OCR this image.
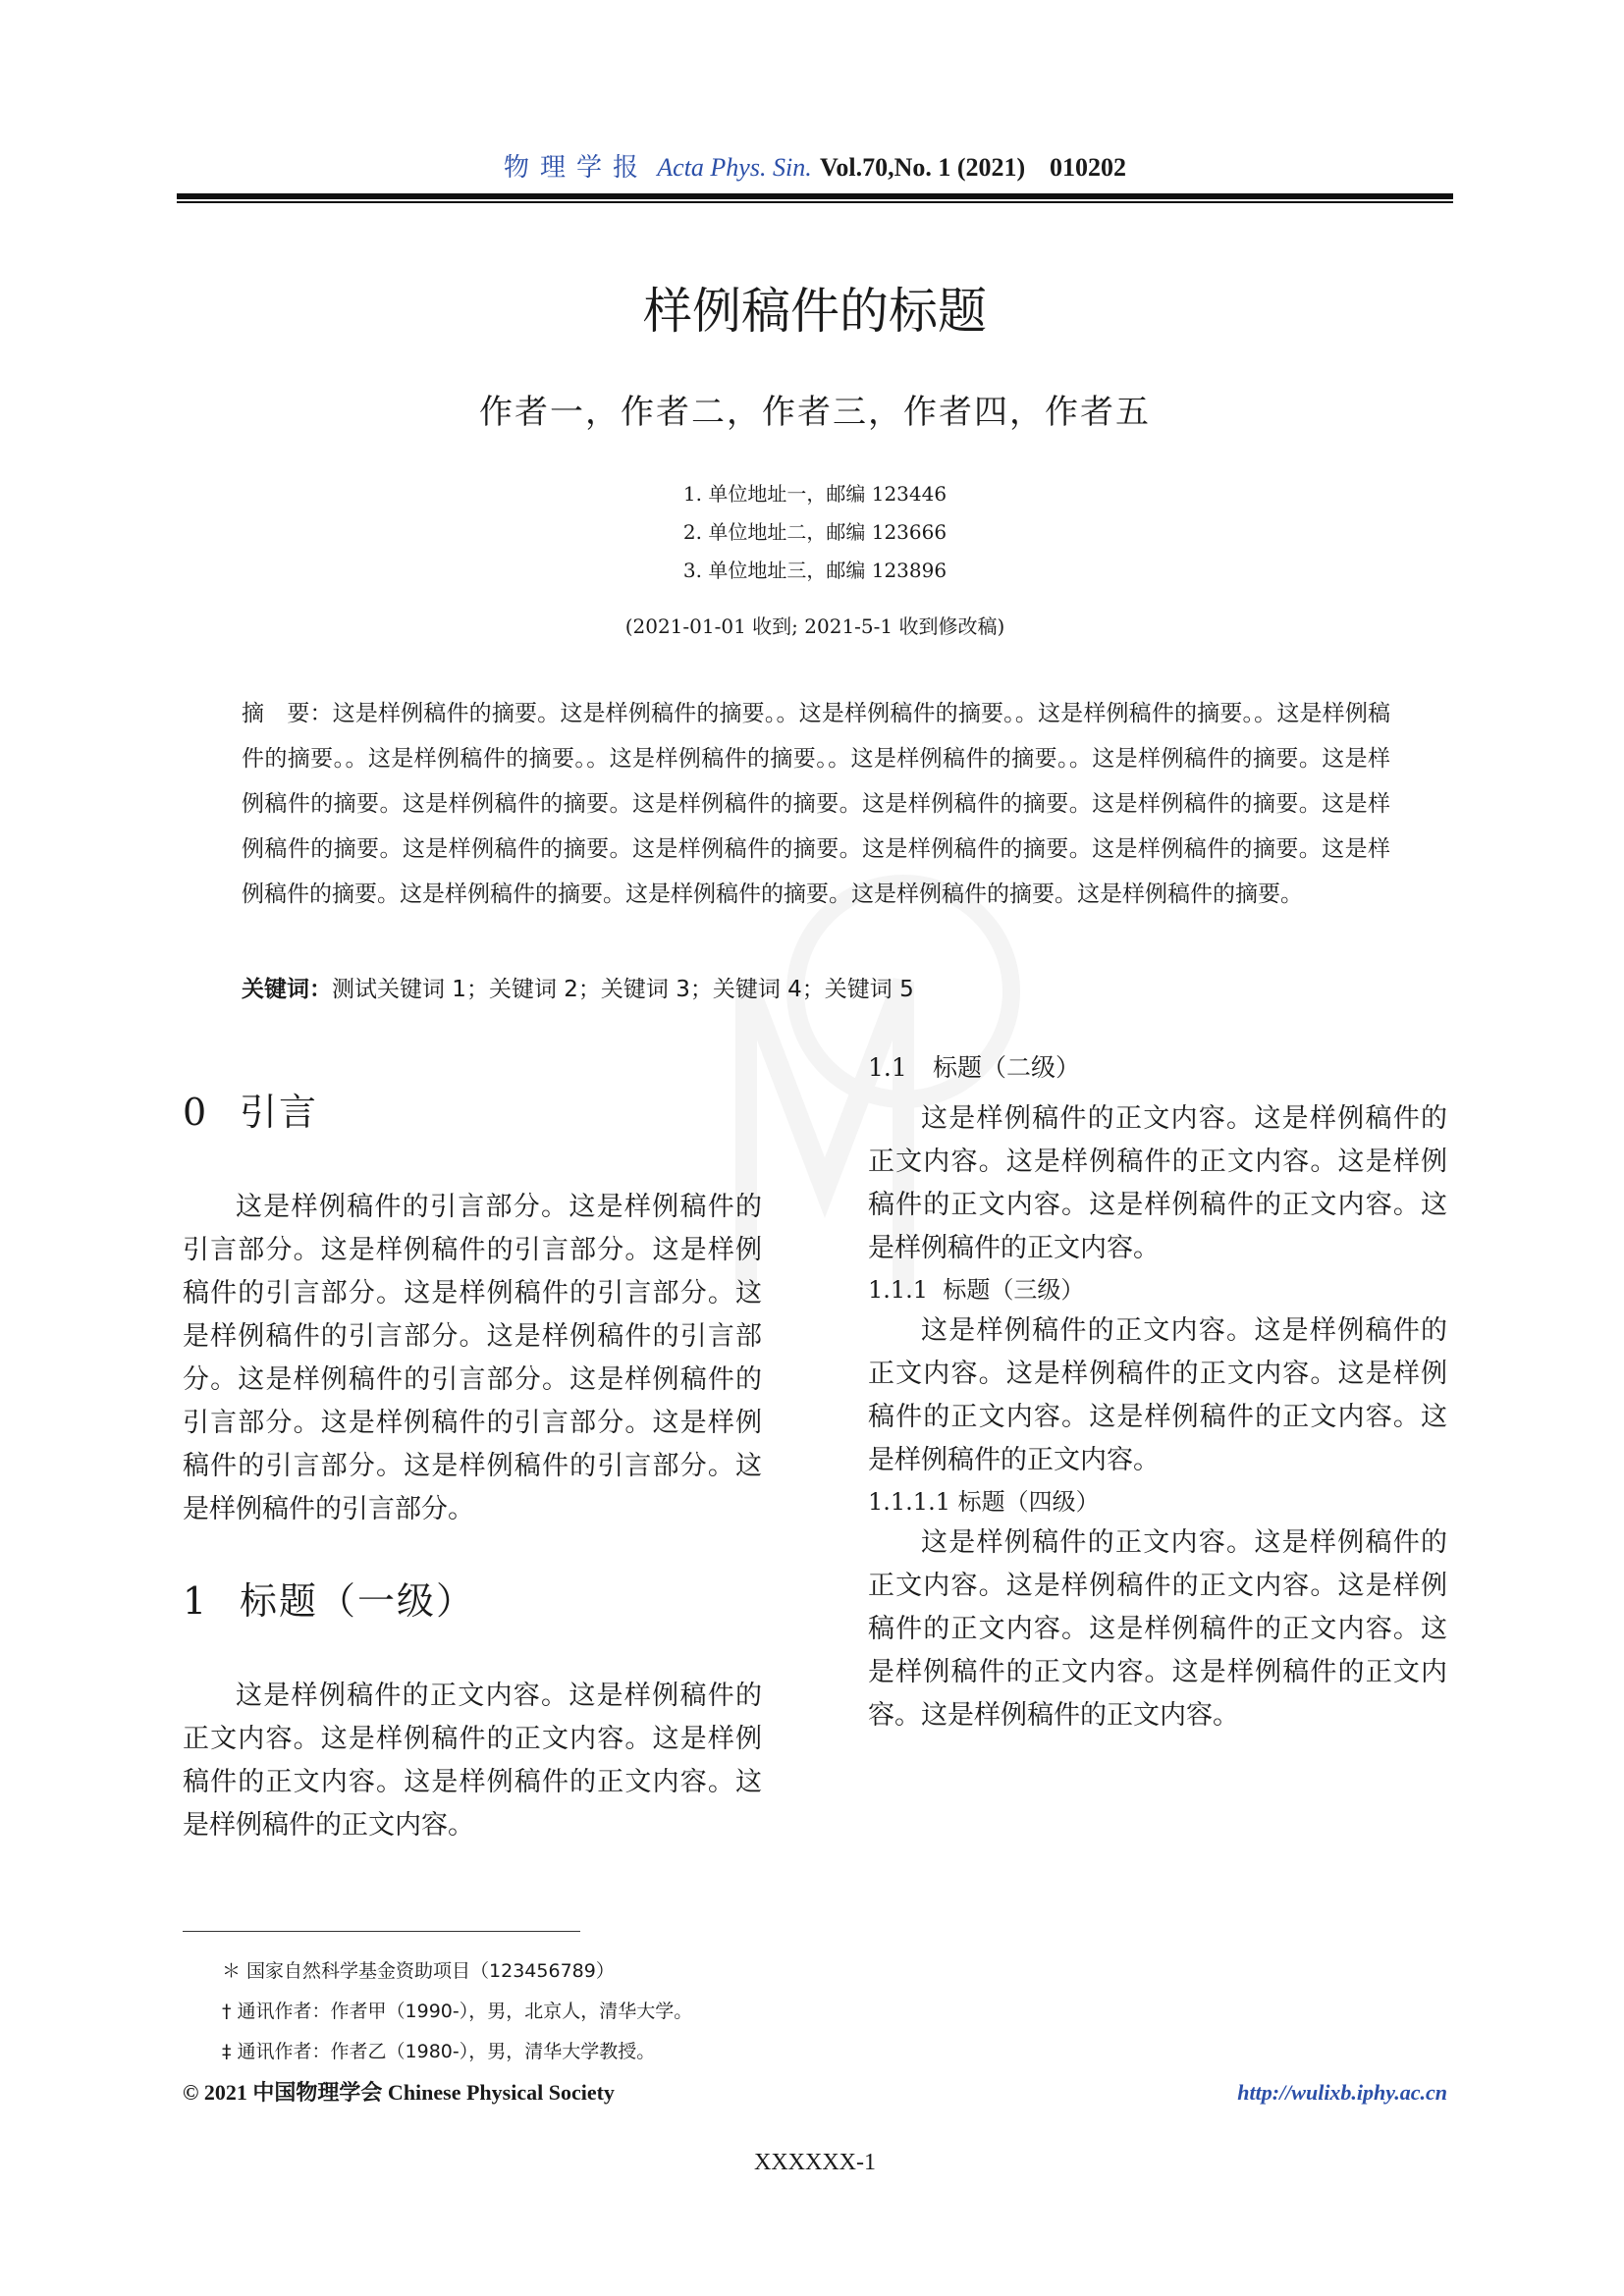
物理学报 Acta Phys. Sin. Vol.70,No. 1 (2021) 010202
样例稿件的标题
作者一，作者二，作者三，作者四，作者五
1. 单位地址一，邮编 123446
2. 单位地址二，邮编 123666
3. 单位地址三，邮编 123896
(2021-01-01 收到; 2021-5-1 收到修改稿)
摘　要：这是样例稿件的摘要。这是样例稿件的摘要。。这是样例稿件的摘要。。这是样例稿件的摘要。。这是样例稿件的摘要。。这是样例稿件的摘要。。这是样例稿件的摘要。。这是样例稿件的摘要。。这是样例稿件的摘要。这是样例稿件的摘要。这是样例稿件的摘要。这是样例稿件的摘要。这是样例稿件的摘要。这是样例稿件的摘要。这是样例稿件的摘要。这是样例稿件的摘要。这是样例稿件的摘要。这是样例稿件的摘要。这是样例稿件的摘要。这是样例稿件的摘要。这是样例稿件的摘要。这是样例稿件的摘要。这是样例稿件的摘要。这是样例稿件的摘要。
关键词：测试关键词 1；关键词 2；关键词 3；关键词 4；关键词 5
0 引言

这是样例稿件的引言部分。这是样例稿件的引言部分。这是样例稿件的引言部分。这是样例稿件的引言部分。这是样例稿件的引言部分。这是样例稿件的引言部分。这是样例稿件的引言部分。这是样例稿件的引言部分。这是样例稿件的引言部分。这是样例稿件的引言部分。这是样例稿件的引言部分。这是样例稿件的引言部分。这是样例稿件的引言部分。

1 标题（一级）

这是样例稿件的正文内容。这是样例稿件的正文内容。这是样例稿件的正文内容。这是样例稿件的正文内容。这是样例稿件的正文内容。这是样例稿件的正文内容。

1.1 标题（二级）

这是样例稿件的正文内容。这是样例稿件的正文内容。这是样例稿件的正文内容。这是样例稿件的正文内容。这是样例稿件的正文内容。这是样例稿件的正文内容。

1.1.1 标题（三级）

这是样例稿件的正文内容。这是样例稿件的正文内容。这是样例稿件的正文内容。这是样例稿件的正文内容。这是样例稿件的正文内容。这是样例稿件的正文内容。

1.1.1.1 标题（四级）

这是样例稿件的正文内容。这是样例稿件的正文内容。这是样例稿件的正文内容。这是样例稿件的正文内容。这是样例稿件的正文内容。这是样例稿件的正文内容。这是样例稿件的正文内容。这是样例稿件的正文内容。

＊ 国家自然科学基金资助项目（123456789）
† 通讯作者：作者甲（1990-），男，北京人，清华大学。
‡ 通讯作者：作者乙（1980-），男，清华大学教授。
© 2021 中国物理学会 Chinese Physical Society	http://wulixb.iphy.ac.cn
XXXXXX-1
